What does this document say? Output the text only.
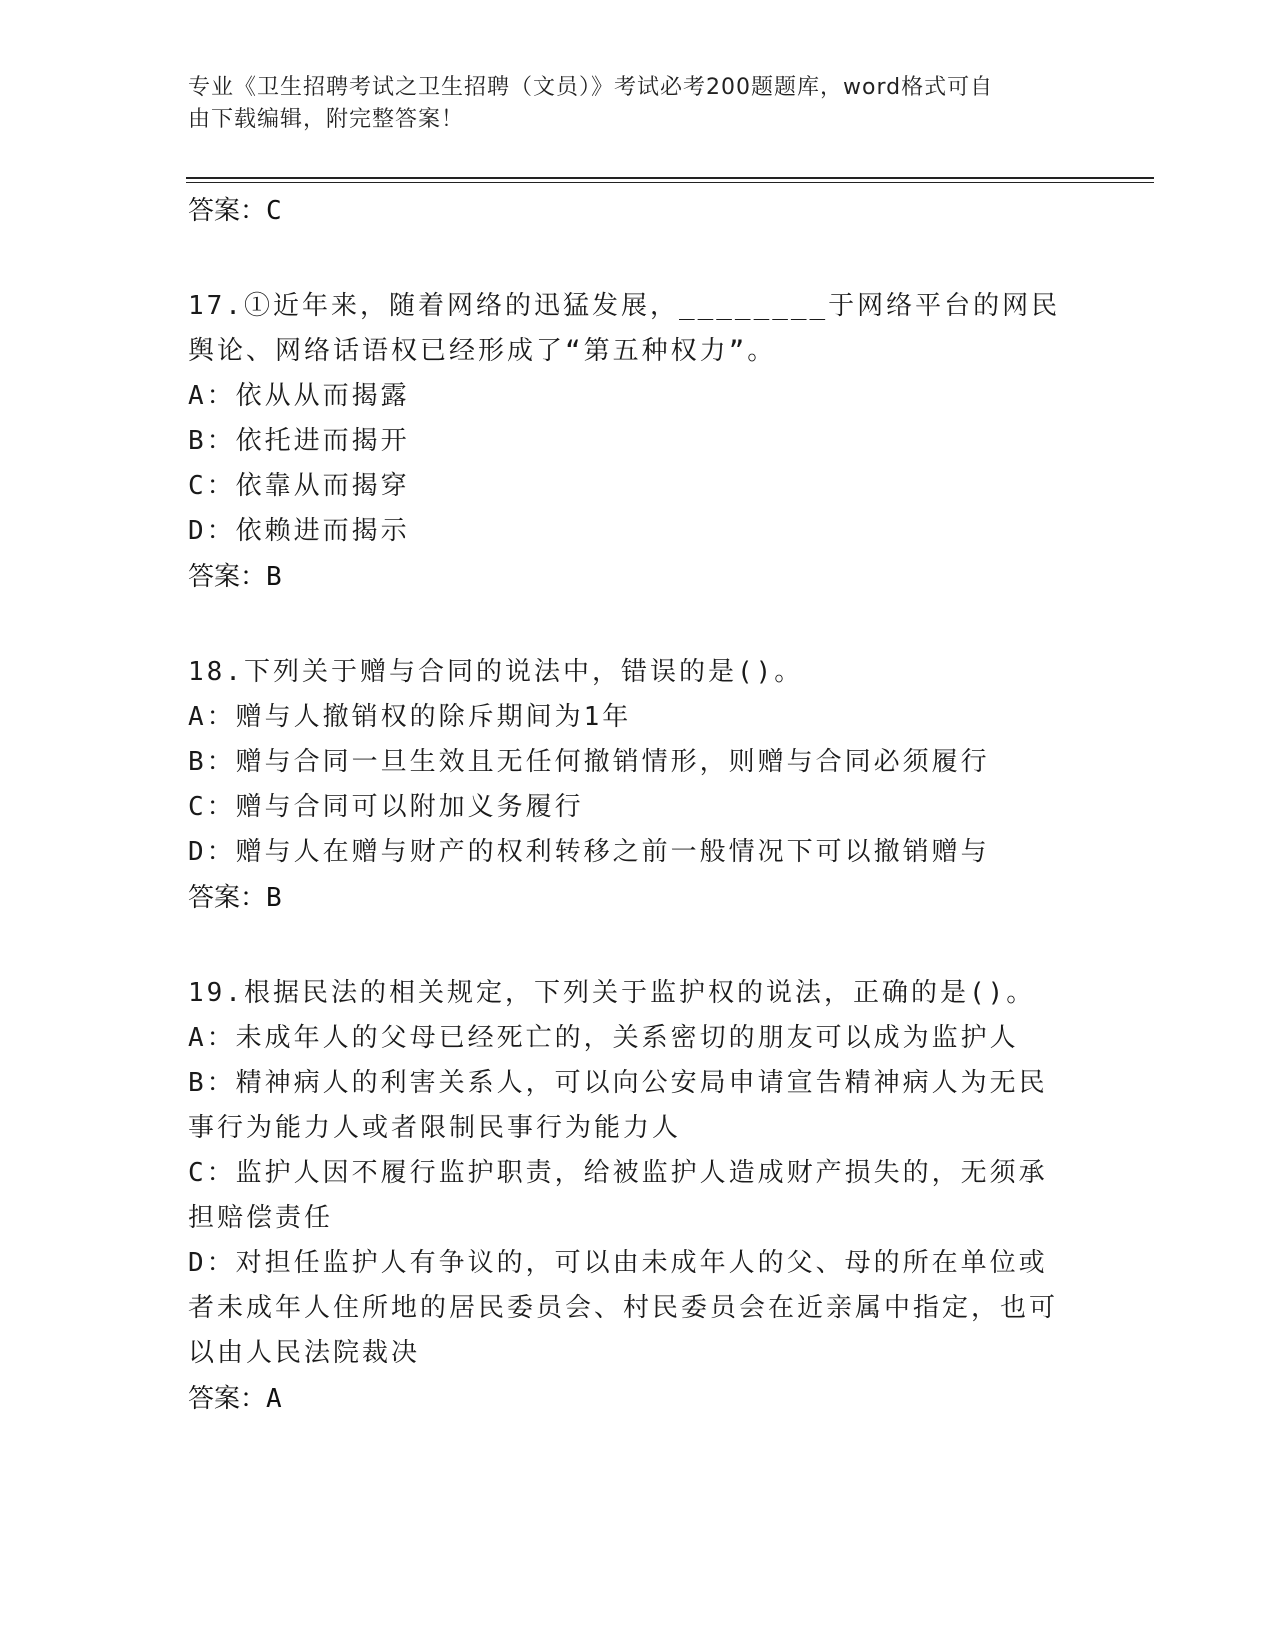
专业《卫生招聘考试之卫生招聘（文员）》考试必考200题题库，word格式可自
由下载编辑，附完整答案！

答案：C

17.①近年来，随着网络的迅猛发展，________于网络平台的网民舆论、网络话语权已经形成了“第五种权力”。

A：依从从而揭露

B：依托进而揭开

C：依靠从而揭穿

D：依赖进而揭示

答案：B

18.下列关于赠与合同的说法中，错误的是()。

A：赠与人撤销权的除斥期间为1年

B：赠与合同一旦生效且无任何撤销情形，则赠与合同必须履行

C：赠与合同可以附加义务履行

D：赠与人在赠与财产的权利转移之前一般情况下可以撤销赠与

答案：B

19.根据民法的相关规定，下列关于监护权的说法，正确的是()。

A：未成年人的父母已经死亡的，关系密切的朋友可以成为监护人

B：精神病人的利害关系人，可以向公安局申请宣告精神病人为无民事行为能力人或者限制民事行为能力人

C：监护人因不履行监护职责，给被监护人造成财产损失的，无须承担赔偿责任

D：对担任监护人有争议的，可以由未成年人的父、母的所在单位或者未成年人住所地的居民委员会、村民委员会在近亲属中指定，也可以由人民法院裁决

答案：A
